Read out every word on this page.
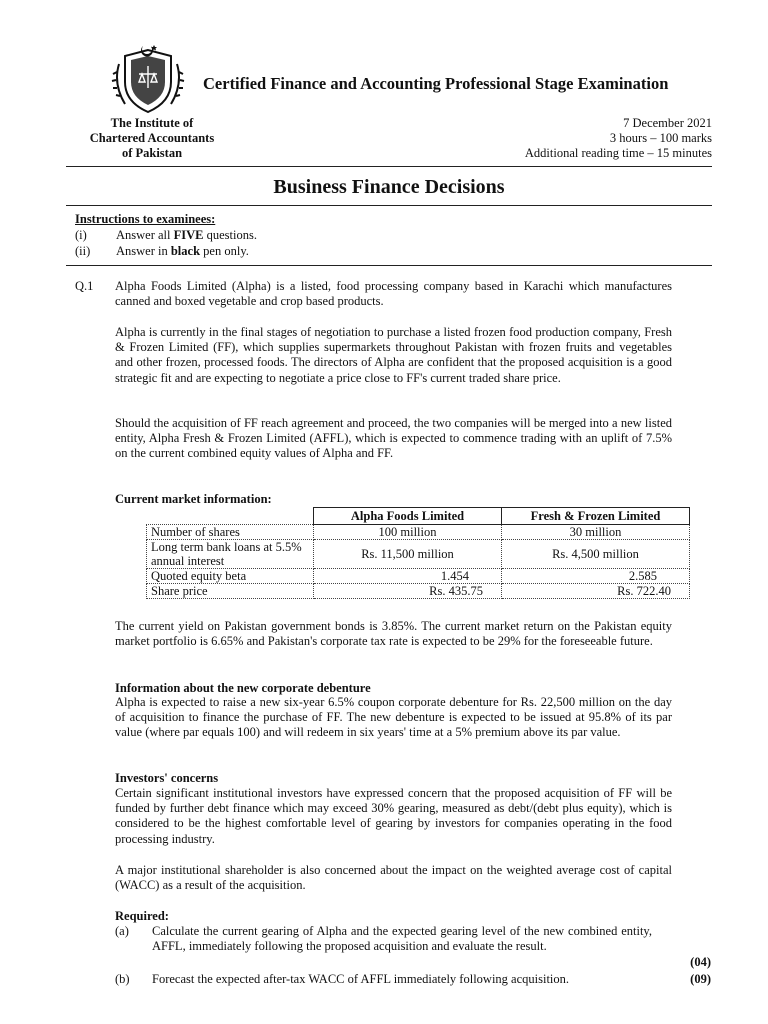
Certified Finance and Accounting Professional Stage Examination
The Institute of
Chartered Accountants
of Pakistan
7 December 2021
3 hours – 100 marks
Additional reading time – 15 minutes
Business Finance Decisions
Instructions to examinees:
(i) Answer all FIVE questions.
(ii) Answer in black pen only.
Q.1 Alpha Foods Limited (Alpha) is a listed, food processing company based in Karachi which manufactures canned and boxed vegetable and crop based products.
Alpha is currently in the final stages of negotiation to purchase a listed frozen food production company, Fresh & Frozen Limited (FF), which supplies supermarkets throughout Pakistan with frozen fruits and vegetables and other frozen, processed foods. The directors of Alpha are confident that the proposed acquisition is a good strategic fit and are expecting to negotiate a price close to FF's current traded share price.
Should the acquisition of FF reach agreement and proceed, the two companies will be merged into a new listed entity, Alpha Fresh & Frozen Limited (AFFL), which is expected to commence trading with an uplift of 7.5% on the current combined equity values of Alpha and FF.
Current market information:
	Alpha Foods Limited	Fresh & Frozen Limited
Number of shares	100 million	30 million
Long term bank loans at 5.5% annual interest	Rs. 11,500 million	Rs. 4,500 million
Quoted equity beta	1.454	2.585
Share price	Rs. 435.75	Rs. 722.40
The current yield on Pakistan government bonds is 3.85%. The current market return on the Pakistan equity market portfolio is 6.65% and Pakistan's corporate tax rate is expected to be 29% for the foreseeable future.
Information about the new corporate debenture
Alpha is expected to raise a new six-year 6.5% coupon corporate debenture for Rs. 22,500 million on the day of acquisition to finance the purchase of FF. The new debenture is expected to be issued at 95.8% of its par value (where par equals 100) and will redeem in six years' time at a 5% premium above its par value.
Investors' concerns
Certain significant institutional investors have expressed concern that the proposed acquisition of FF will be funded by further debt finance which may exceed 30% gearing, measured as debt/(debt plus equity), which is considered to be the highest comfortable level of gearing by investors for companies operating in the food processing industry.
A major institutional shareholder is also concerned about the impact on the weighted average cost of capital (WACC) as a result of the acquisition.
Required:
(a) Calculate the current gearing of Alpha and the expected gearing level of the new combined entity, AFFL, immediately following the proposed acquisition and evaluate the result.
(04)
(b) Forecast the expected after-tax WACC of AFFL immediately following acquisition.	(09)
